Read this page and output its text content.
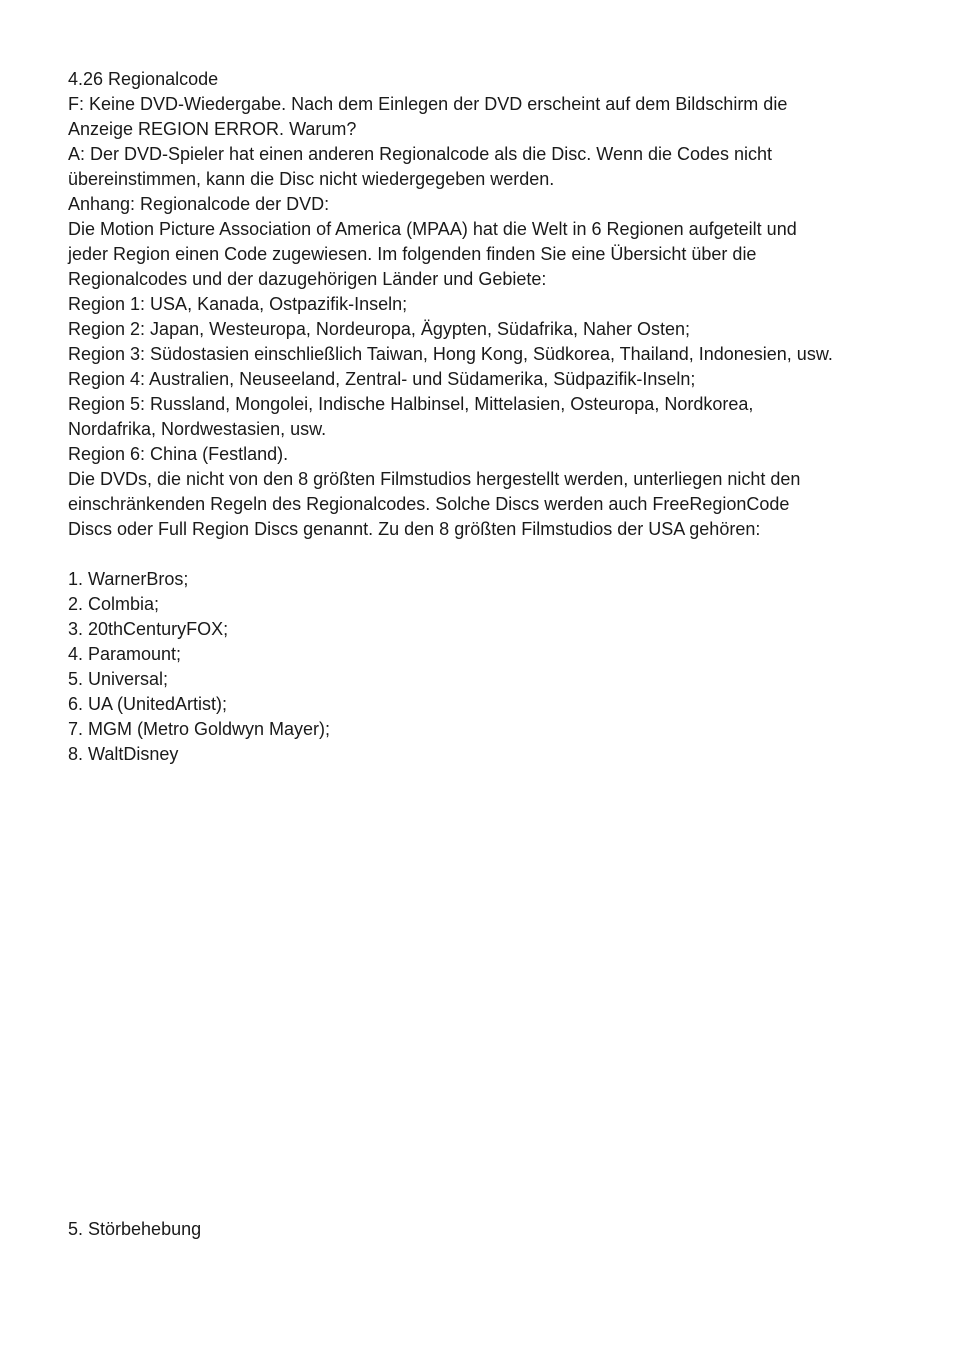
4.26 Regionalcode
F: Keine DVD-Wiedergabe. Nach dem Einlegen der DVD erscheint auf dem Bildschirm die
Anzeige REGION ERROR. Warum?
A: Der DVD-Spieler hat einen anderen Regionalcode als die Disc. Wenn die Codes nicht
übereinstimmen, kann die Disc nicht wiedergegeben werden.
Anhang: Regionalcode der DVD:
Die Motion Picture Association of America (MPAA) hat die Welt in 6 Regionen aufgeteilt und
jeder Region einen Code zugewiesen. Im folgenden finden Sie eine Übersicht über die
Regionalcodes und der dazugehörigen Länder und Gebiete:
Region 1: USA, Kanada, Ostpazifik-Inseln;
Region 2: Japan, Westeuropa, Nordeuropa, Ägypten, Südafrika, Naher Osten;
Region 3: Südostasien einschließlich Taiwan, Hong Kong, Südkorea, Thailand, Indonesien, usw.
Region 4: Australien, Neuseeland, Zentral- und Südamerika, Südpazifik-Inseln;
Region 5: Russland, Mongolei, Indische Halbinsel, Mittelasien, Osteuropa, Nordkorea,
Nordafrika, Nordwestasien, usw.
Region 6: China (Festland).
Die DVDs, die nicht von den 8 größten Filmstudios hergestellt werden, unterliegen nicht den
einschränkenden Regeln des Regionalcodes. Solche Discs werden auch FreeRegionCode
Discs oder Full Region Discs genannt. Zu den 8 größten Filmstudios der USA gehören:
1. WarnerBros;
2. Colmbia;
3. 20thCenturyFOX;
4. Paramount;
5. Universal;
6. UA (UnitedArtist);
7. MGM (Metro Goldwyn Mayer);
8. WaltDisney
5. Störbehebung
